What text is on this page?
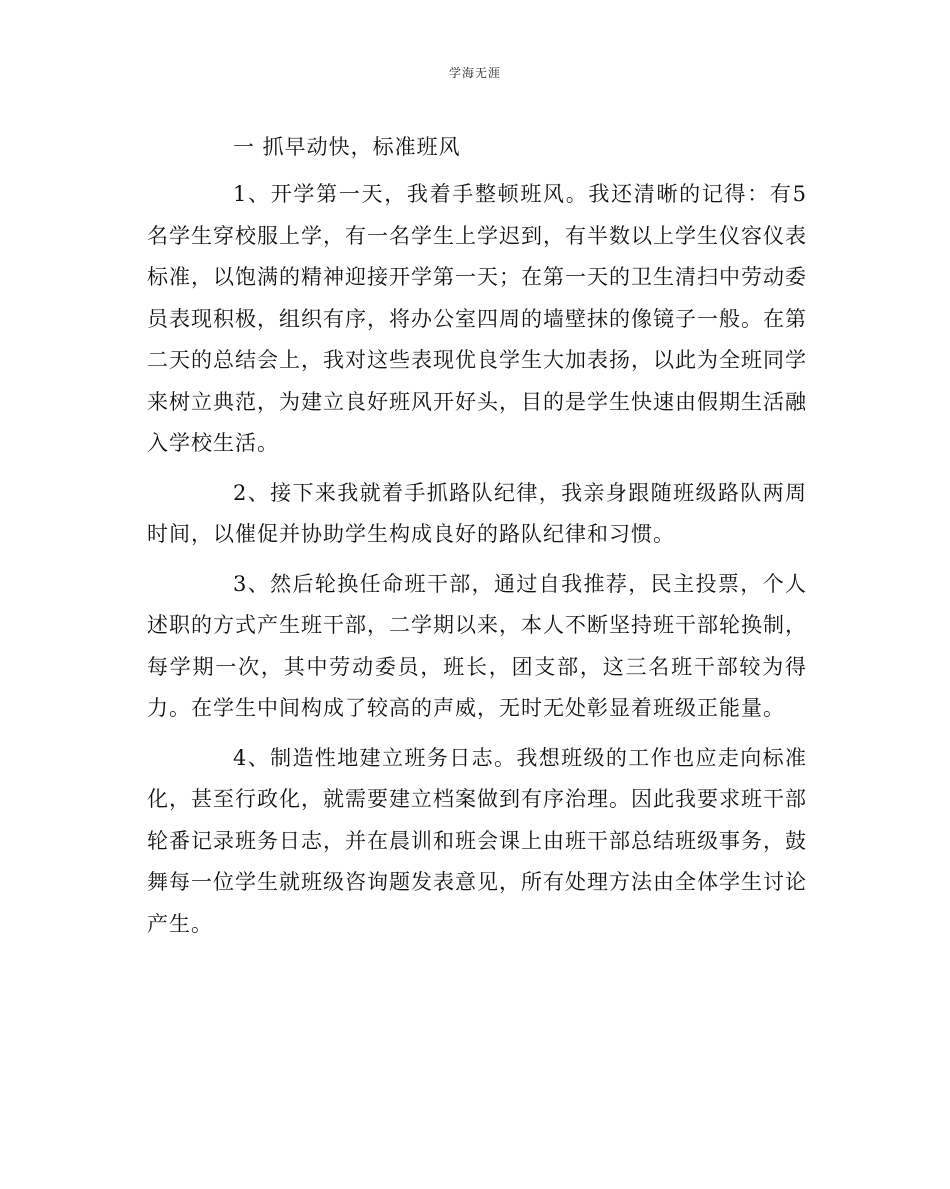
学海无涯

一 抓早动快，标准班风

1、开学第一天，我着手整顿班风。我还清晰的记得：有5名学生穿校服上学，有一名学生上学迟到，有半数以上学生仪容仪表标准，以饱满的精神迎接开学第一天；在第一天的卫生清扫中劳动委员表现积极，组织有序，将办公室四周的墙壁抹的像镜子一般。在第二天的总结会上，我对这些表现优良学生大加表扬，以此为全班同学来树立典范，为建立良好班风开好头，目的是学生快速由假期生活融入学校生活。

2、接下来我就着手抓路队纪律，我亲身跟随班级路队两周时间，以催促并协助学生构成良好的路队纪律和习惯。

3、然后轮换任命班干部，通过自我推荐，民主投票，个人述职的方式产生班干部，二学期以来，本人不断坚持班干部轮换制，每学期一次，其中劳动委员，班长，团支部，这三名班干部较为得力。在学生中间构成了较高的声威，无时无处彰显着班级正能量。

4、制造性地建立班务日志。我想班级的工作也应走向标准化，甚至行政化，就需要建立档案做到有序治理。因此我要求班干部轮番记录班务日志，并在晨训和班会课上由班干部总结班级事务，鼓舞每一位学生就班级咨询题发表意见，所有处理方法由全体学生讨论产生。
